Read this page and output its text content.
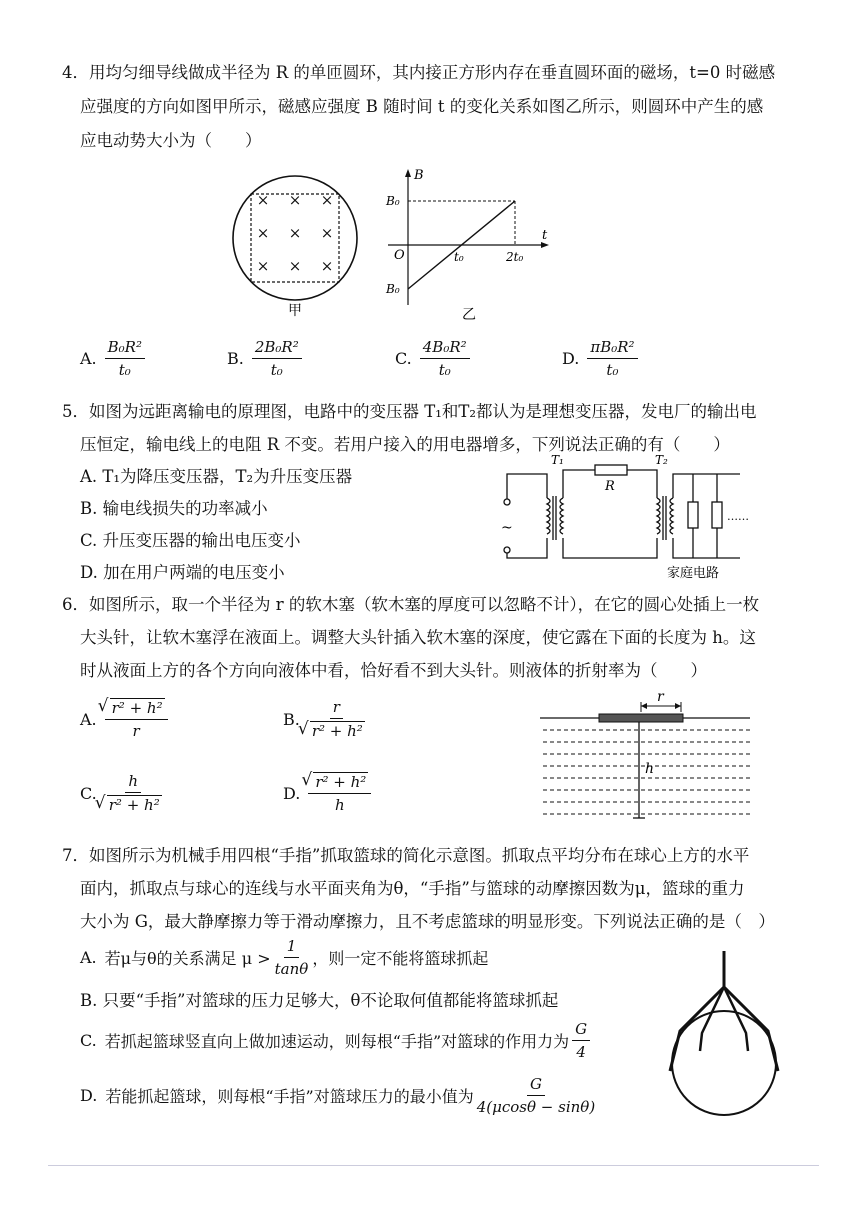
4．用均匀细导线做成半径为 R 的单匝圆环，其内接正方形内存在垂直圆环面的磁场，t=0 时磁感
应强度的方向如图甲所示，磁感应强度 B 随时间 t 的变化关系如图乙所示，则圆环中产生的感
应电动势大小为（　　）
× × ×
× × ×
× × ×
甲
B
t
O
B₀
B₀
t₀	2t₀
乙
A. $\frac{\text{B₀R²}}{\text{t₀}}$	B. $\frac{\text{2B₀R²}}{\text{t₀}}$	C. $\frac{\text{4B₀R²}}{\text{t₀}}$	D. $\frac{\text{πB₀R²}}{\text{t₀}}$
5．如图为远距离输电的原理图，电路中的变压器 T₁和T₂都认为是理想变压器，发电厂的输出电
压恒定，输电线上的电阻 R 不变。若用户接入的用电器增多，下列说法正确的有（　　）
A. T₁为降压变压器，T₂为升压变压器
B. 输电线损失的功率减小
C. 升压变压器的输出电压变小
D. 加在用户两端的电压变小
~
T₁
R
T₂
……
家庭电路
6．如图所示，取一个半径为 r 的软木塞（软木塞的厚度可以忽略不计），在它的圆心处插上一枚
大头针，让软木塞浮在液面上。调整大头针插入软木塞的深度，使它露在下面的长度为 h。这
时从液面上方的各个方向向液体中看，恰好看不到大头针。则液体的折射率为（　　）
A. √ $\frac{\text{r² + h²}}{r}$	B. r
√ r² + h²
C. h
√ r² + h²	D. √ $\frac{\text{r² + h²}}{h}$
r
h
7．如图所示为机械手用四根“手指”抓取篮球的简化示意图。抓取点平均分布在球心上方的水平
面内，抓取点与球心的连线与水平面夹角为θ，“手指”与篮球的动摩擦因数为μ，篮球的重力
大小为 G，最大静摩擦力等于滑动摩擦力，且不考虑篮球的明显形变。下列说法正确的是（　）
A. 若μ与θ的关系满足 $\mu > \frac{1}{\tan\theta}$ ，则一定不能将篮球抓起
B. 只要“手指”对篮球的压力足够大，θ不论取何值都能将篮球抓起
C. 若抓起篮球竖直向上做加速运动，则每根“手指”对篮球的作用力为 $\frac{G}{4}$
D. 若能抓起篮球，则每根“手指”对篮球压力的最小值为 $\frac{G}{4(\mu\cos\theta - \sin\theta)}$
